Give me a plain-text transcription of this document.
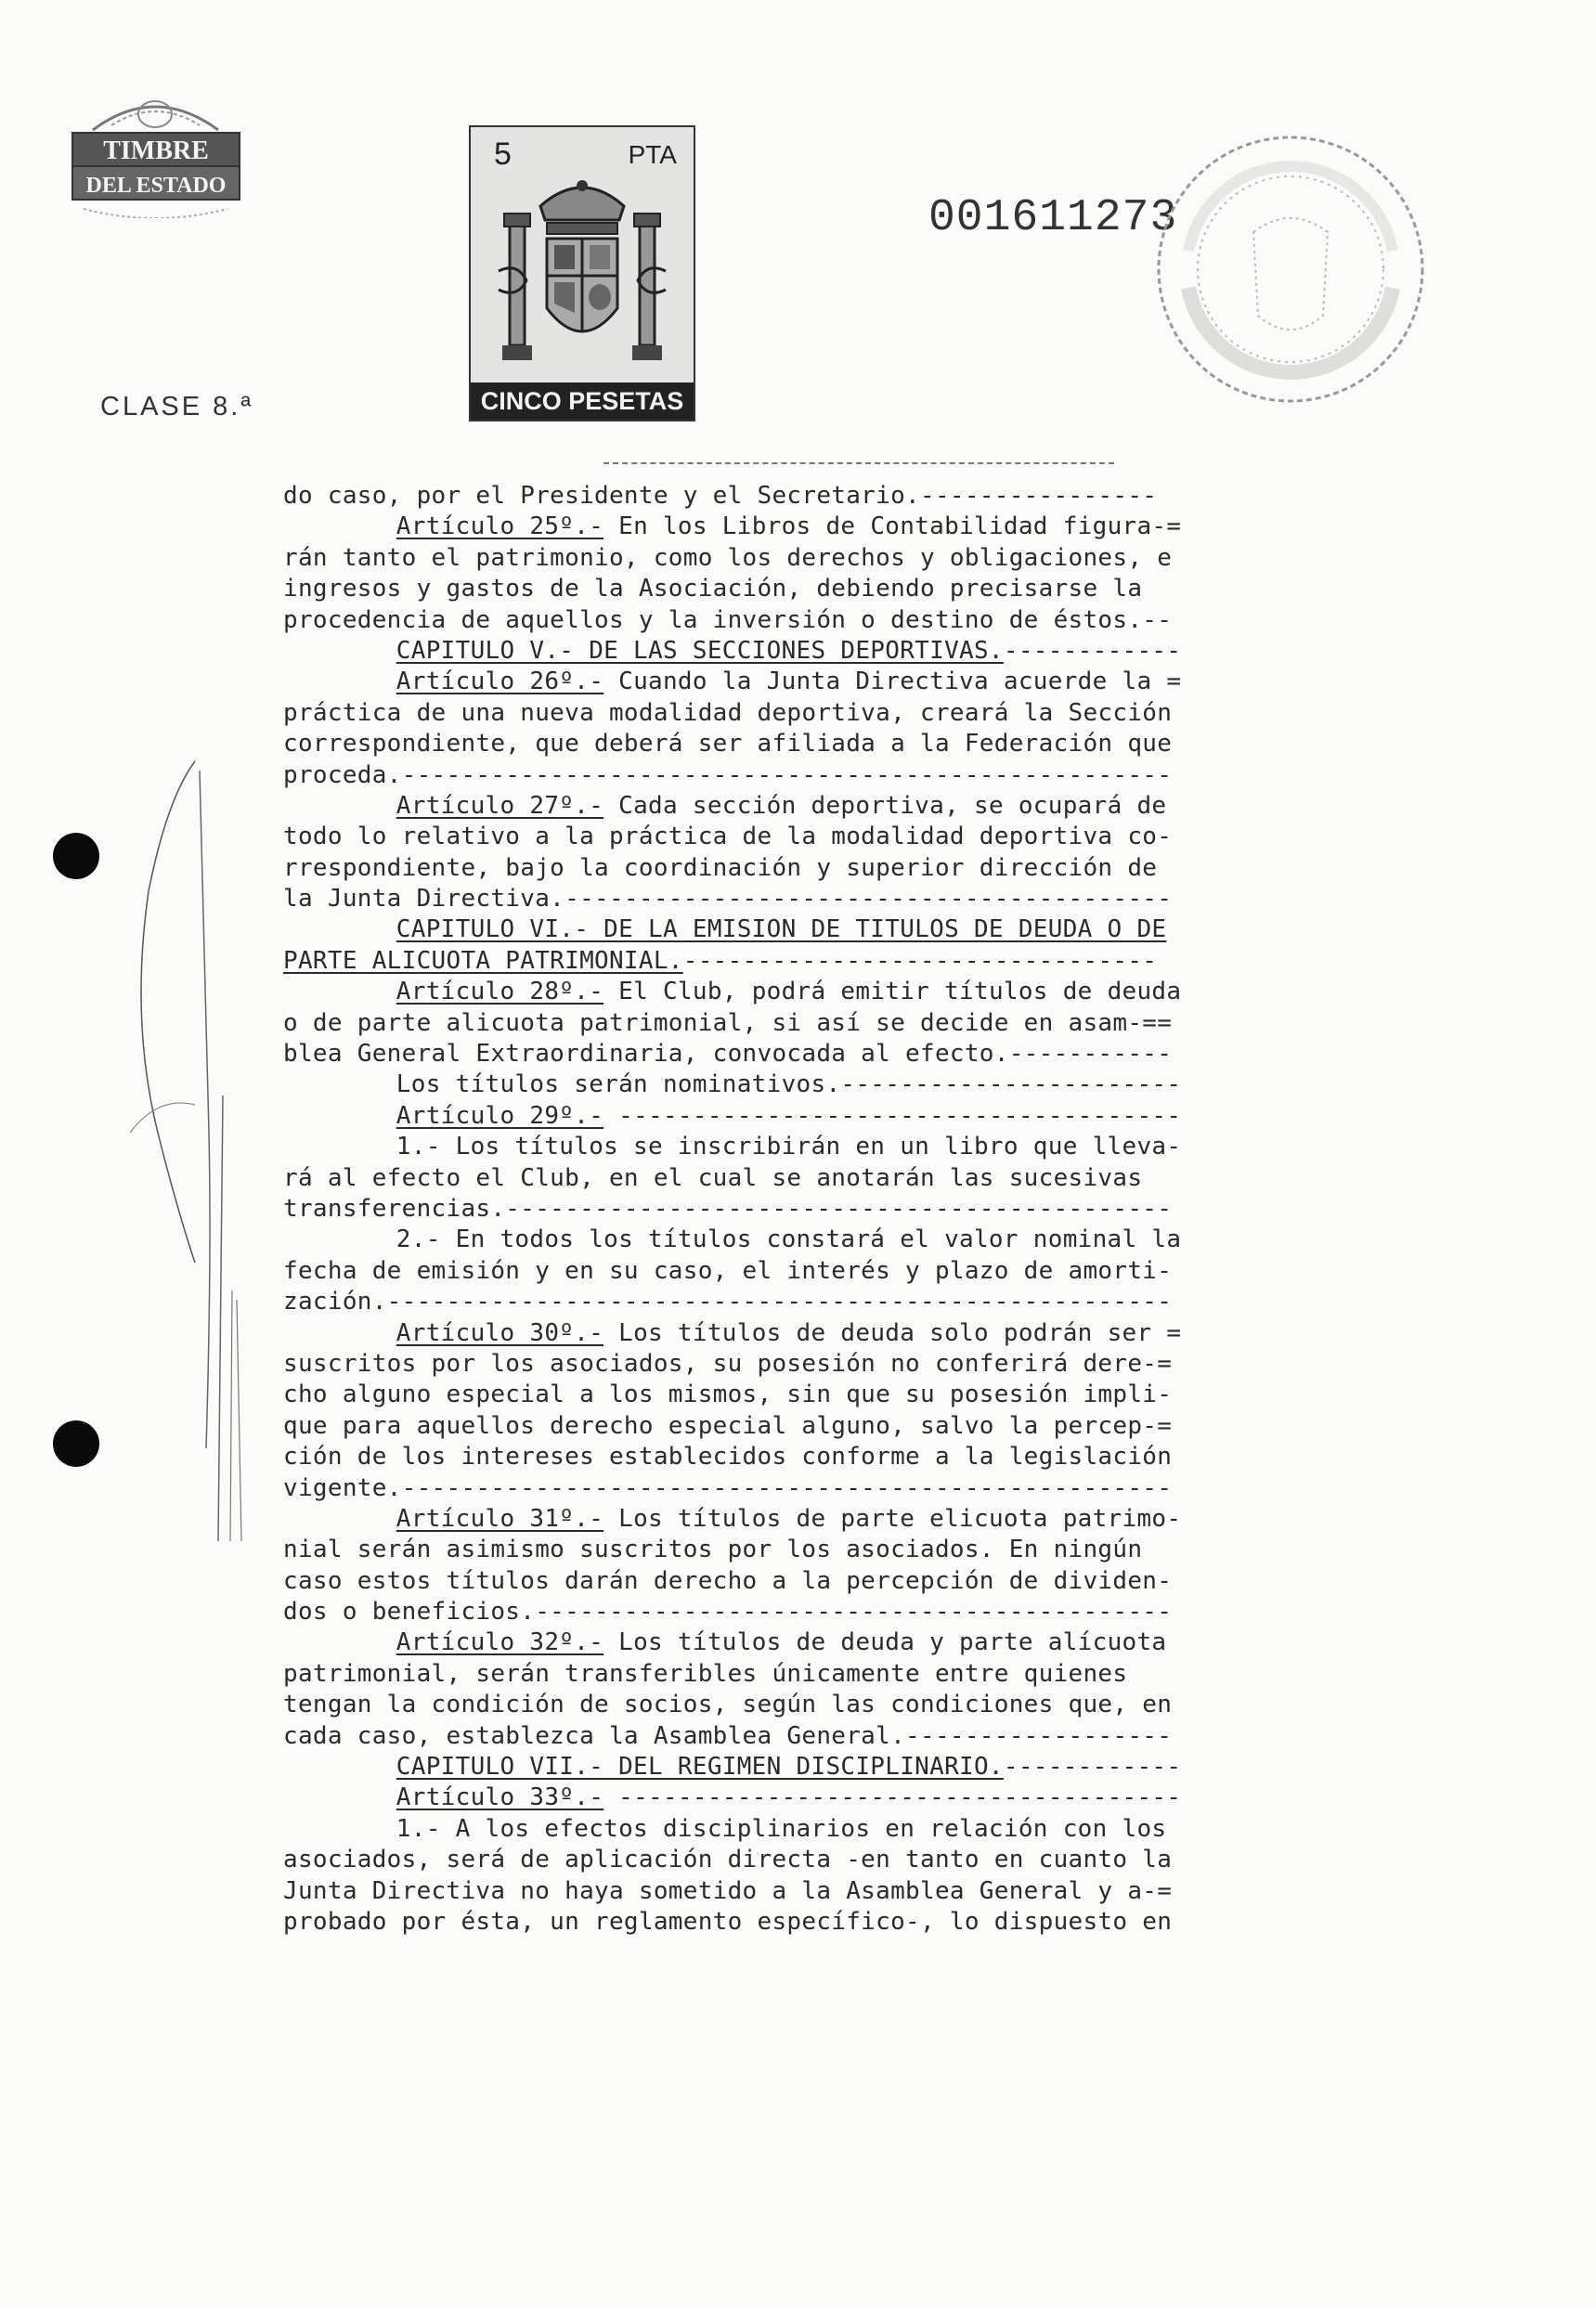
TIMBRE
DEL ESTADO
5	PTA
CINCO PESETAS
001611273
CLASE 8.ª
do caso, por el Presidente y el Secretario.----------------
Artículo 25º.- En los Libros de Contabilidad figura-=
rán tanto el patrimonio, como los derechos y obligaciones, e
ingresos y gastos de la Asociación, debiendo precisarse la
procedencia de aquellos y la inversión o destino de éstos.--
CAPITULO V.- DE LAS SECCIONES DEPORTIVAS.------------
Artículo 26º.- Cuando la Junta Directiva acuerde la =
práctica de una nueva modalidad deportiva, creará la Sección
correspondiente, que deberá ser afiliada a la Federación que
proceda.----------------------------------------------------
Artículo 27º.- Cada sección deportiva, se ocupará de
todo lo relativo a la práctica de la modalidad deportiva co-
rrespondiente, bajo la coordinación y superior dirección de
la Junta Directiva.-----------------------------------------
CAPITULO VI.- DE LA EMISION DE TITULOS DE DEUDA O DE
PARTE ALICUOTA PATRIMONIAL.--------------------------------
Artículo 28º.- El Club, podrá emitir títulos de deuda
o de parte alicuota patrimonial, si así se decide en asam-==
blea General Extraordinaria, convocada al efecto.-----------
Los títulos serán nominativos.-----------------------
Artículo 29º.- --------------------------------------
1.- Los títulos se inscribirán en un libro que lleva-
rá al efecto el Club, en el cual se anotarán las sucesivas
transferencias.---------------------------------------------
2.- En todos los títulos constará el valor nominal la
fecha de emisión y en su caso, el interés y plazo de amorti-
zación.-----------------------------------------------------
Artículo 30º.- Los títulos de deuda solo podrán ser =
suscritos por los asociados, su posesión no conferirá dere-=
cho alguno especial a los mismos, sin que su posesión impli-
que para aquellos derecho especial alguno, salvo la percep-=
ción de los intereses establecidos conforme a la legislación
vigente.----------------------------------------------------
Artículo 31º.- Los títulos de parte elicuota patrimo-
nial serán asimismo suscritos por los asociados. En ningún
caso estos títulos darán derecho a la percepción de dividen-
dos o beneficios.-------------------------------------------
Artículo 32º.- Los títulos de deuda y parte alícuota
patrimonial, serán transferibles únicamente entre quienes
tengan la condición de socios, según las condiciones que, en
cada caso, establezca la Asamblea General.------------------
CAPITULO VII.- DEL REGIMEN DISCIPLINARIO.------------
Artículo 33º.- --------------------------------------
1.- A los efectos disciplinarios en relación con los
asociados, será de aplicación directa -en tanto en cuanto la
Junta Directiva no haya sometido a la Asamblea General y a-=
probado por ésta, un reglamento específico-, lo dispuesto en
